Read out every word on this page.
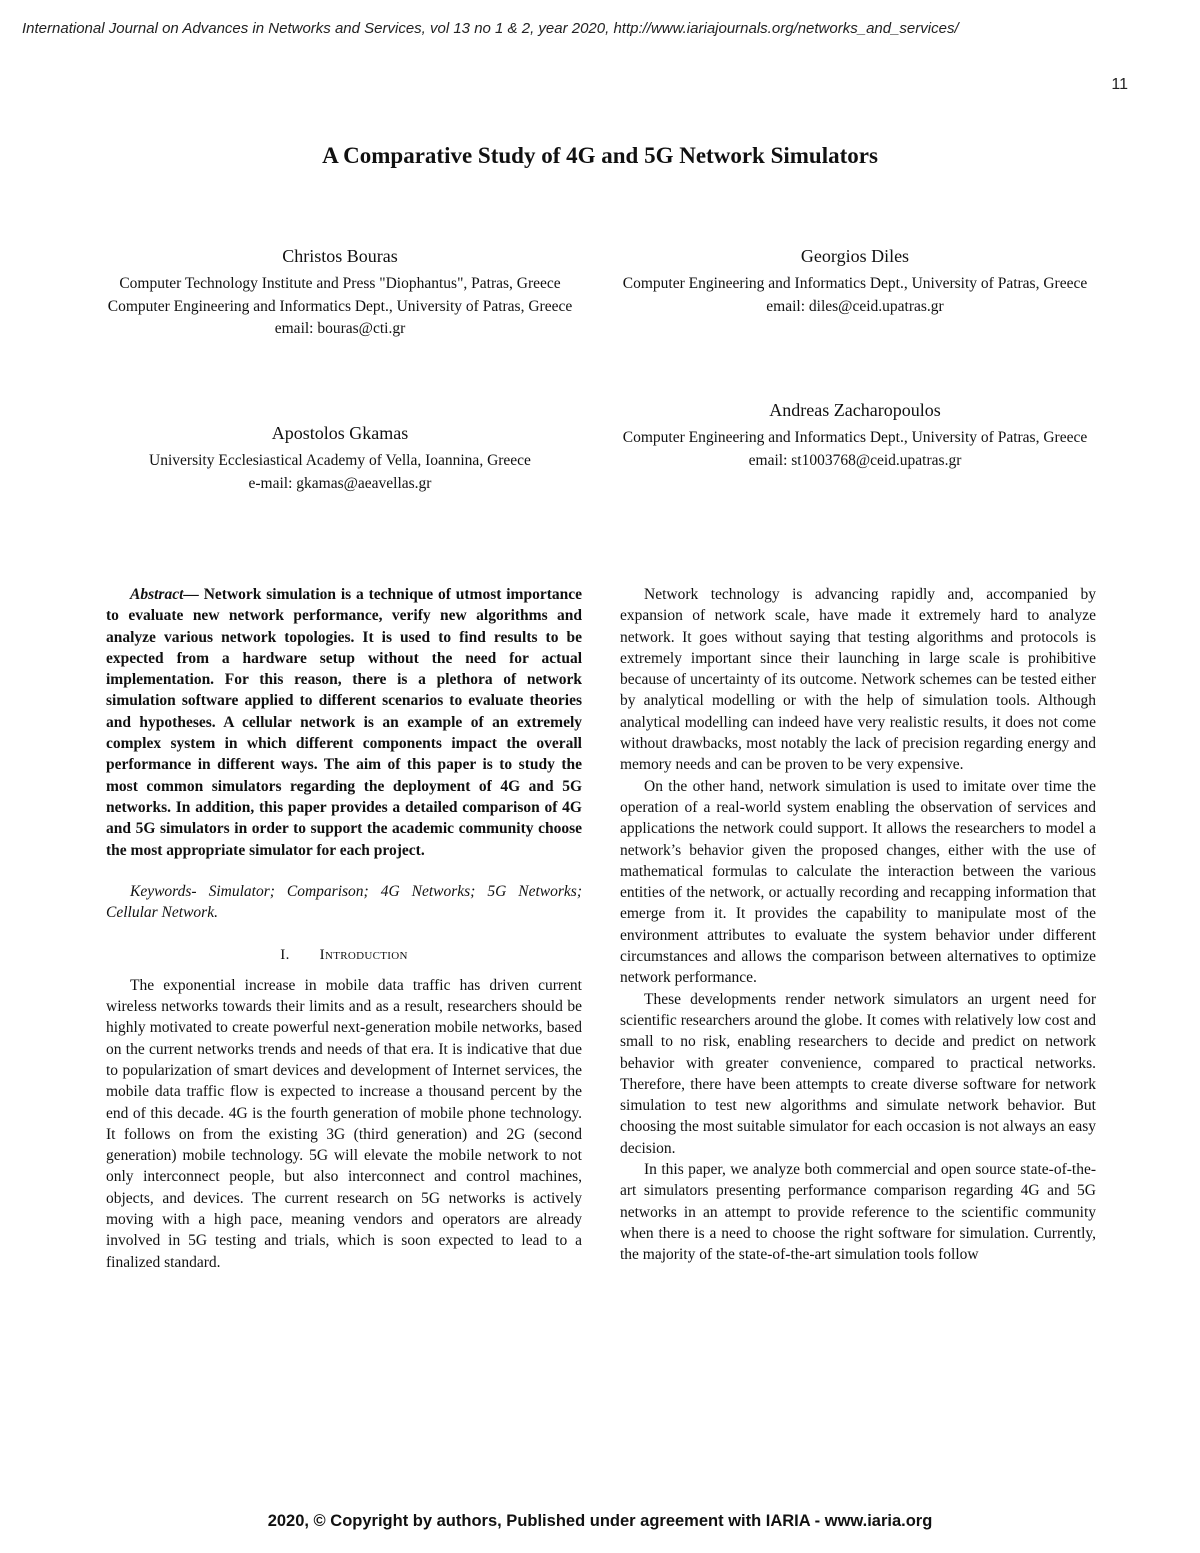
International Journal on Advances in Networks and Services, vol 13 no 1 & 2, year 2020, http://www.iariajournals.org/networks_and_services/
11
A Comparative Study of 4G and 5G Network Simulators
Christos Bouras
Computer Technology Institute and Press "Diophantus", Patras, Greece
Computer Engineering and Informatics Dept., University of Patras, Greece
email: bouras@cti.gr
Georgios Diles
Computer Engineering and Informatics Dept., University of Patras, Greece
email: diles@ceid.upatras.gr
Apostolos Gkamas
University Ecclesiastical Academy of Vella, Ioannina, Greece
e-mail: gkamas@aeavellas.gr
Andreas Zacharopoulos
Computer Engineering and Informatics Dept., University of Patras, Greece
email: st1003768@ceid.upatras.gr

Abstract— Network simulation is a technique of utmost importance to evaluate new network performance, verify new algorithms and analyze various network topologies. It is used to find results to be expected from a hardware setup without the need for actual implementation. For this reason, there is a plethora of network simulation software applied to different scenarios to evaluate theories and hypotheses. A cellular network is an example of an extremely complex system in which different components impact the overall performance in different ways. The aim of this paper is to study the most common simulators regarding the deployment of 4G and 5G networks. In addition, this paper provides a detailed comparison of 4G and 5G simulators in order to support the academic community choose the most appropriate simulator for each project.

Keywords- Simulator; Comparison; 4G Networks; 5G Networks; Cellular Network.

I. Introduction

The exponential increase in mobile data traffic has driven current wireless networks towards their limits and as a result, researchers should be highly motivated to create powerful next-generation mobile networks, based on the current networks trends and needs of that era. It is indicative that due to popularization of smart devices and development of Internet services, the mobile data traffic flow is expected to increase a thousand percent by the end of this decade. 4G is the fourth generation of mobile phone technology. It follows on from the existing 3G (third generation) and 2G (second generation) mobile technology. 5G will elevate the mobile network to not only interconnect people, but also interconnect and control machines, objects, and devices. The current research on 5G networks is actively moving with a high pace, meaning vendors and operators are already involved in 5G testing and trials, which is soon expected to lead to a finalized standard.

Network technology is advancing rapidly and, accompanied by expansion of network scale, have made it extremely hard to analyze network. It goes without saying that testing algorithms and protocols is extremely important since their launching in large scale is prohibitive because of uncertainty of its outcome. Network schemes can be tested either by analytical modelling or with the help of simulation tools. Although analytical modelling can indeed have very realistic results, it does not come without drawbacks, most notably the lack of precision regarding energy and memory needs and can be proven to be very expensive.

On the other hand, network simulation is used to imitate over time the operation of a real-world system enabling the observation of services and applications the network could support. It allows the researchers to model a network’s behavior given the proposed changes, either with the use of mathematical formulas to calculate the interaction between the various entities of the network, or actually recording and recapping information that emerge from it. It provides the capability to manipulate most of the environment attributes to evaluate the system behavior under different circumstances and allows the comparison between alternatives to optimize network performance.

These developments render network simulators an urgent need for scientific researchers around the globe. It comes with relatively low cost and small to no risk, enabling researchers to decide and predict on network behavior with greater convenience, compared to practical networks. Therefore, there have been attempts to create diverse software for network simulation to test new algorithms and simulate network behavior. But choosing the most suitable simulator for each occasion is not always an easy decision.

In this paper, we analyze both commercial and open source state-of-the-art simulators presenting performance comparison regarding 4G and 5G networks in an attempt to provide reference to the scientific community when there is a need to choose the right software for simulation. Currently, the majority of the state-of-the-art simulation tools follow

2020, © Copyright by authors, Published under agreement with IARIA - www.iaria.org
